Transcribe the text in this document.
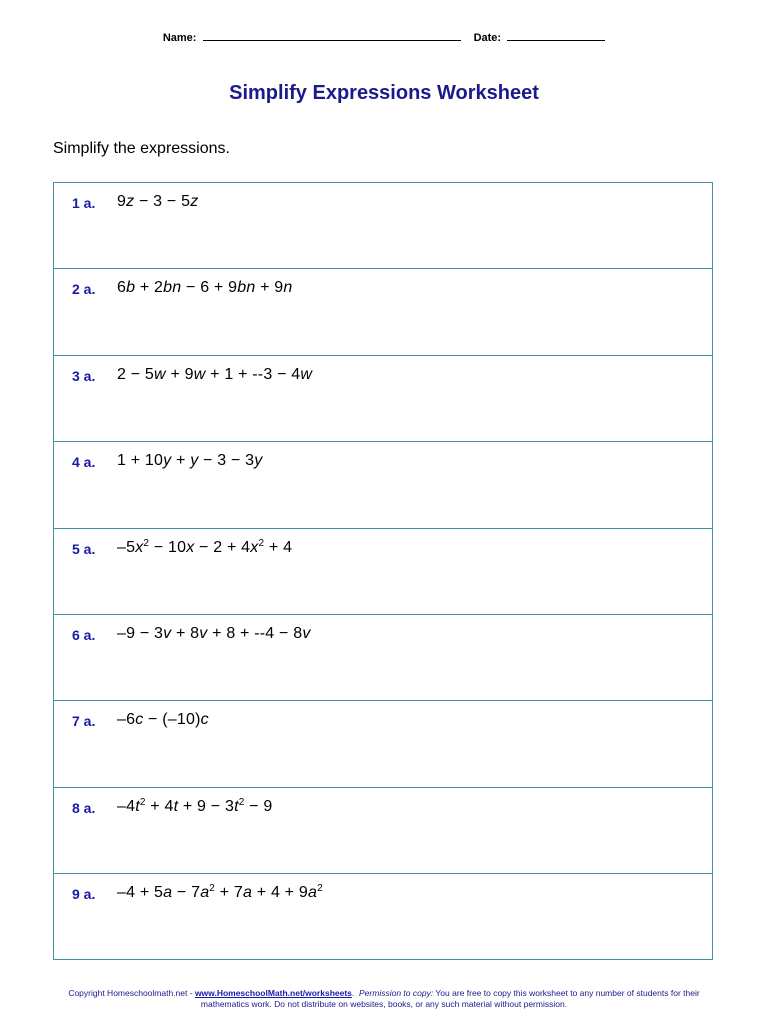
Name:	Date:
Simplify Expressions Worksheet
Simplify the expressions.
1 a. 9z − 3 − 5z
2 a. 6b + 2bn − 6 + 9bn + 9n
3 a. 2 − 5w + 9w + 1 + --3 − 4w
4 a. 1 + 10y + y − 3 − 3y
5 a. $-5x^2 - 10x - 2 + 4x^2 + 4$
6 a. –9 − 3v + 8v + 8 + --4 − 8v
7 a. –6c − (–10)c
8 a. $-4t^2 + 4t + 9 - 3t^2 - 9$
9 a. $-4 + 5a - 7a^2 + 7a + 4 + 9a^2$
Copyright Homeschoolmath.net - www.HomeschoolMath.net/worksheets. Permission to copy: You are free to copy this worksheet to any number of students for their mathematics work. Do not distribute on websites, books, or any such material without permission.
